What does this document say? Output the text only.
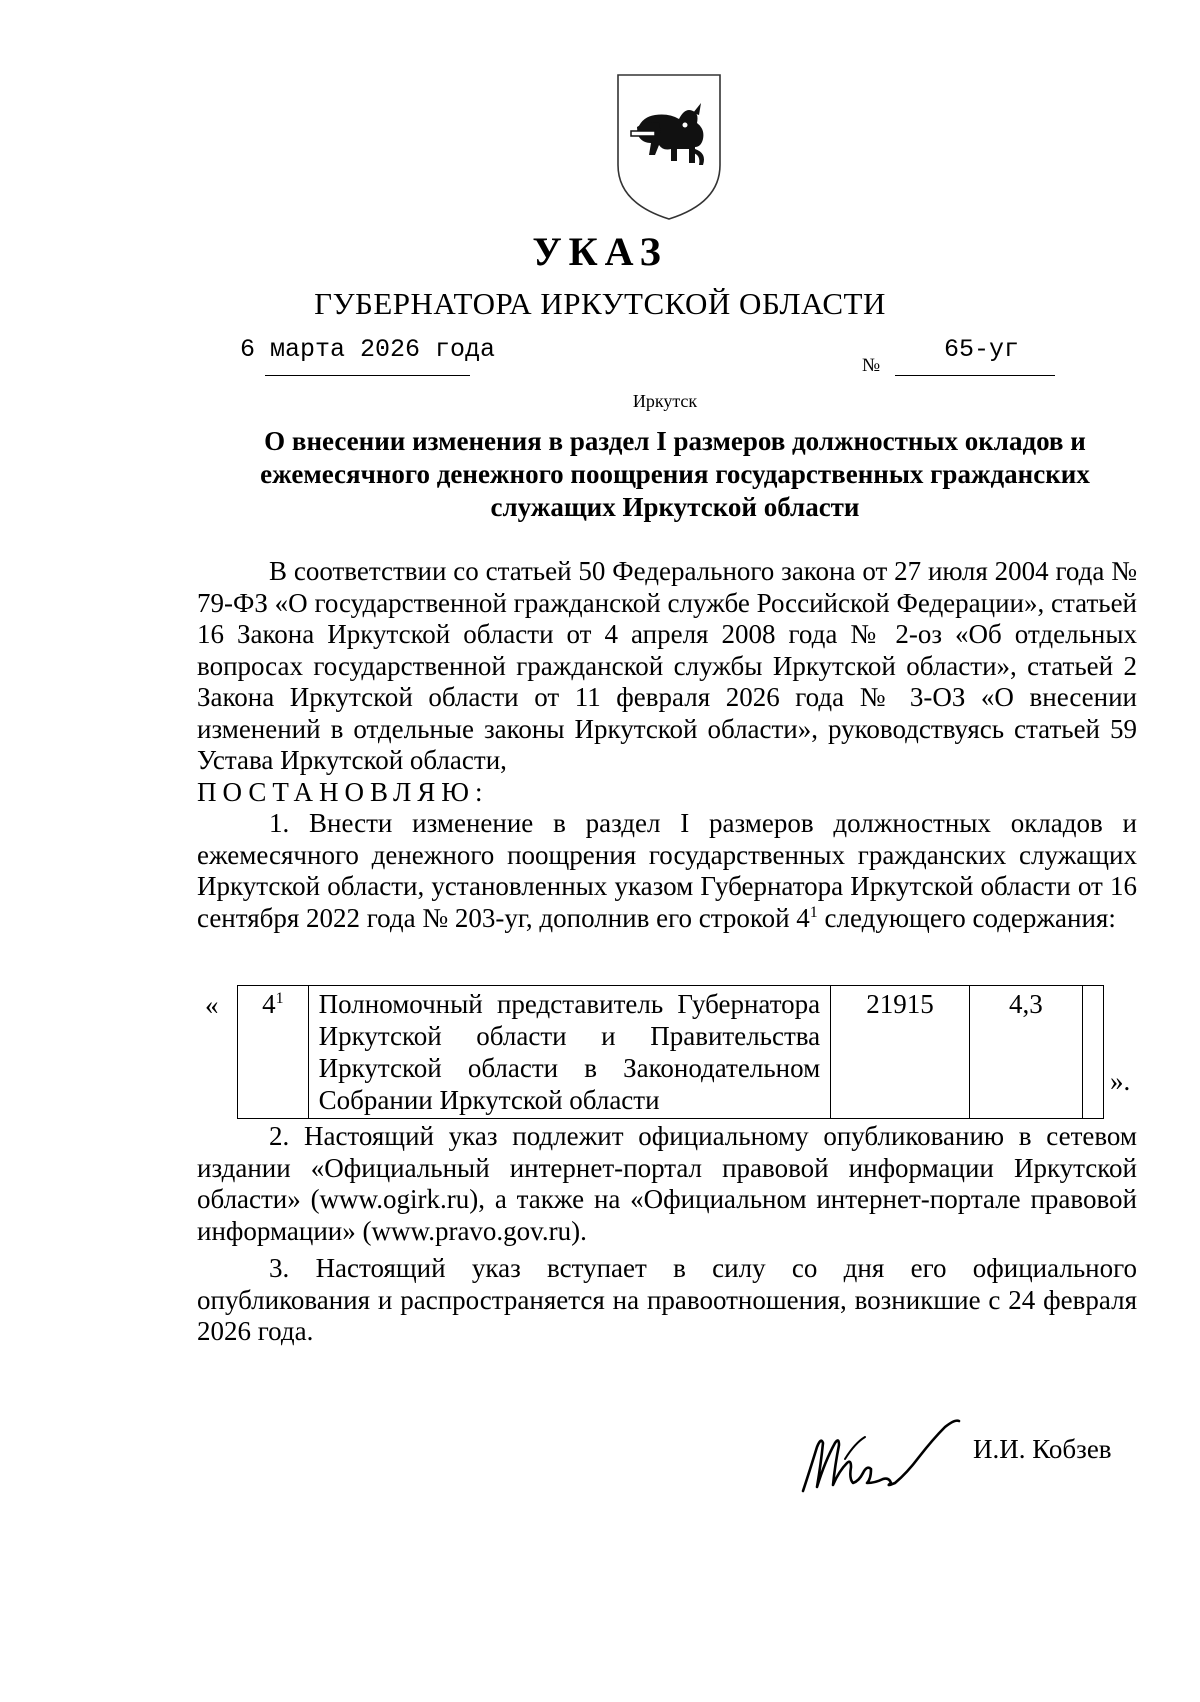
УКАЗ
ГУБЕРНАТОРА ИРКУТСКОЙ ОБЛАСТИ
6 марта 2026 года
№
65-уг
Иркутск
О внесении изменения в раздел I размеров должностных окладов и ежемесячного денежного поощрения государственных гражданских служащих Иркутской области

В соответствии со статьей 50 Федерального закона от 27 июля 2004 года № 79-ФЗ «О государственной гражданской службе Российской Федерации», статьей 16 Закона Иркутской области от 4 апреля 2008 года № 2-оз «Об отдельных вопросах государственной гражданской службы Иркутской области», статьей 2 Закона Иркутской области от 11 февраля 2026 года № 3-ОЗ «О внесении изменений в отдельные законы Иркутской области», руководствуясь статьей 59 Устава Иркутской области,

ПОСТАНОВЛЯЮ:

1. Внести изменение в раздел I размеров должностных окладов и ежемесячного денежного поощрения государственных гражданских служащих Иркутской области, установленных указом Губернатора Иркутской области от 16 сентября 2022 года № 203-уг, дополнив его строкой $4^1$ следующего содержания:

« $4^1$	Полномочный представитель Губернатора Иркутской области и Правительства Иркутской области в Законодательном Собрании Иркутской области	21915	4,3	
».

2. Настоящий указ подлежит официальному опубликованию в сетевом издании «Официальный интернет-портал правовой информации Иркутской области» (www.ogirk.ru), а также на «Официальном интернет-портале правовой информации» (www.pravo.gov.ru).

3. Настоящий указ вступает в силу со дня его официального опубликования и распространяется на правоотношения, возникшие с 24 февраля 2026 года.

И.И. Кобзев
